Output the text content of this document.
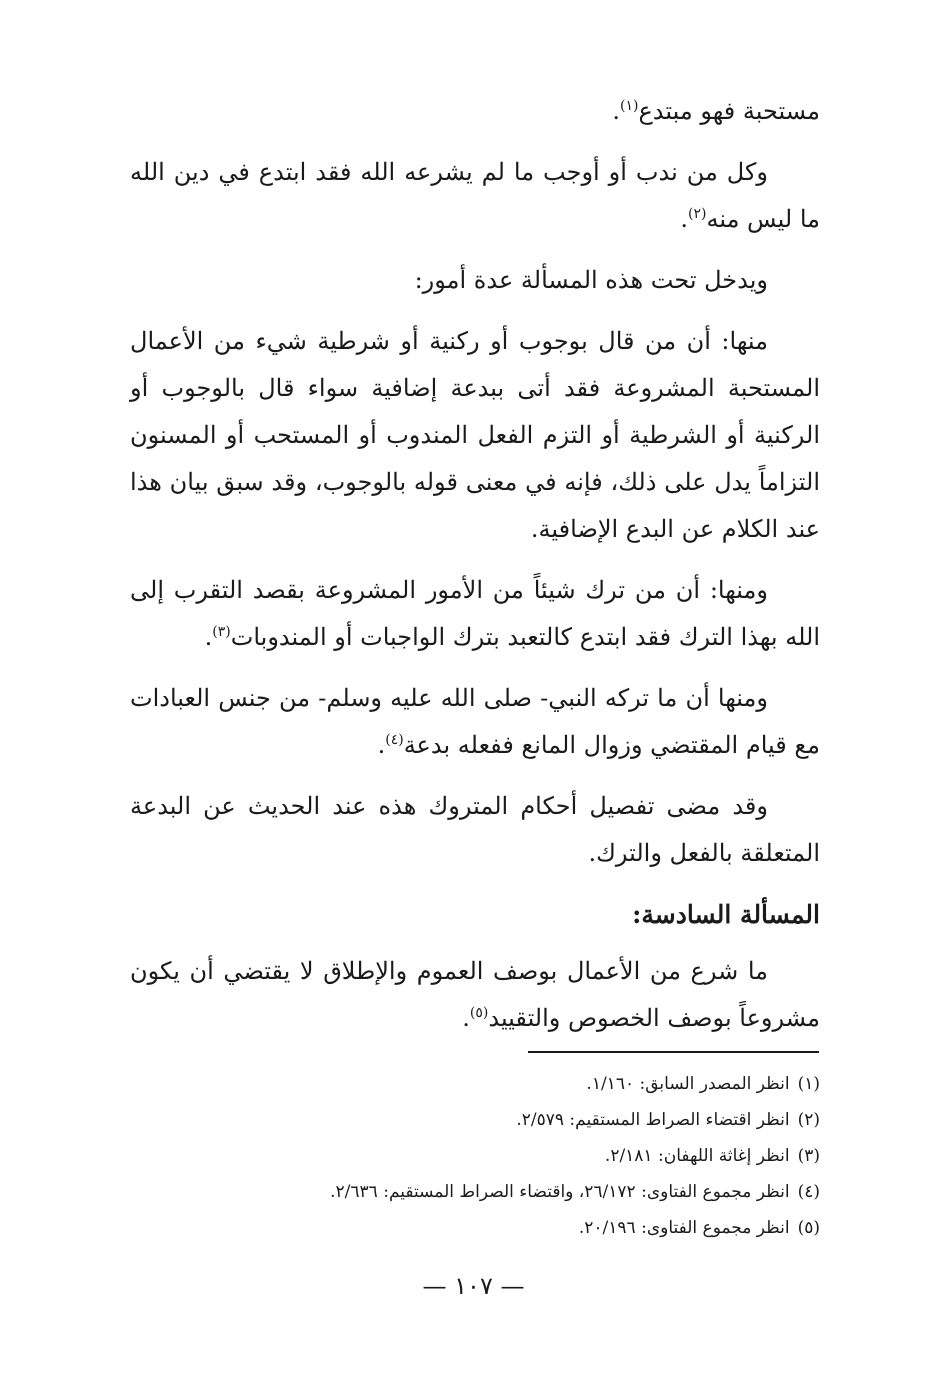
مستحبة فهو مبتدع$^{(١)}$.

وكل من ندب أو أوجب ما لم يشرعه الله فقد ابتدع في دين الله ما ليس منه$^{(٢)}$.

ويدخل تحت هذه المسألة عدة أمور:

منها: أن من قال بوجوب أو ركنية أو شرطية شيء من الأعمال المستحبة المشروعة فقد أتى ببدعة إضافية سواء قال بالوجوب أو الركنية أو الشرطية أو التزم الفعل المندوب أو المستحب أو المسنون التزاماً يدل على ذلك، فإنه في معنى قوله بالوجوب، وقد سبق بيان هذا عند الكلام عن البدع الإضافية.

ومنها: أن من ترك شيئاً من الأمور المشروعة بقصد التقرب إلى الله بهذا الترك فقد ابتدع كالتعبد بترك الواجبات أو المندوبات$^{(٣)}$.

ومنها أن ما تركه النبي- صلى الله عليه وسلم- من جنس العبادات مع قيام المقتضي وزوال المانع ففعله بدعة$^{(٤)}$.

وقد مضى تفصيل أحكام المتروك هذه عند الحديث عن البدعة المتعلقة بالفعل والترك.

المسألة السادسة:

ما شرع من الأعمال بوصف العموم والإطلاق لا يقتضي أن يكون مشروعاً بوصف الخصوص والتقييد$^{(٥)}$.

(١)انظر المصدر السابق: ١/١٦٠.
(٢)انظر اقتضاء الصراط المستقيم: ٢/٥٧٩.
(٣)انظر إغاثة اللهفان: ٢/١٨١.
(٤)انظر مجموع الفتاوى: ٢٦/١٧٢، واقتضاء الصراط المستقيم: ٢/٦٣٦.
(٥)انظر مجموع الفتاوى: ٢٠/١٩٦.
— ١٠٧ —
